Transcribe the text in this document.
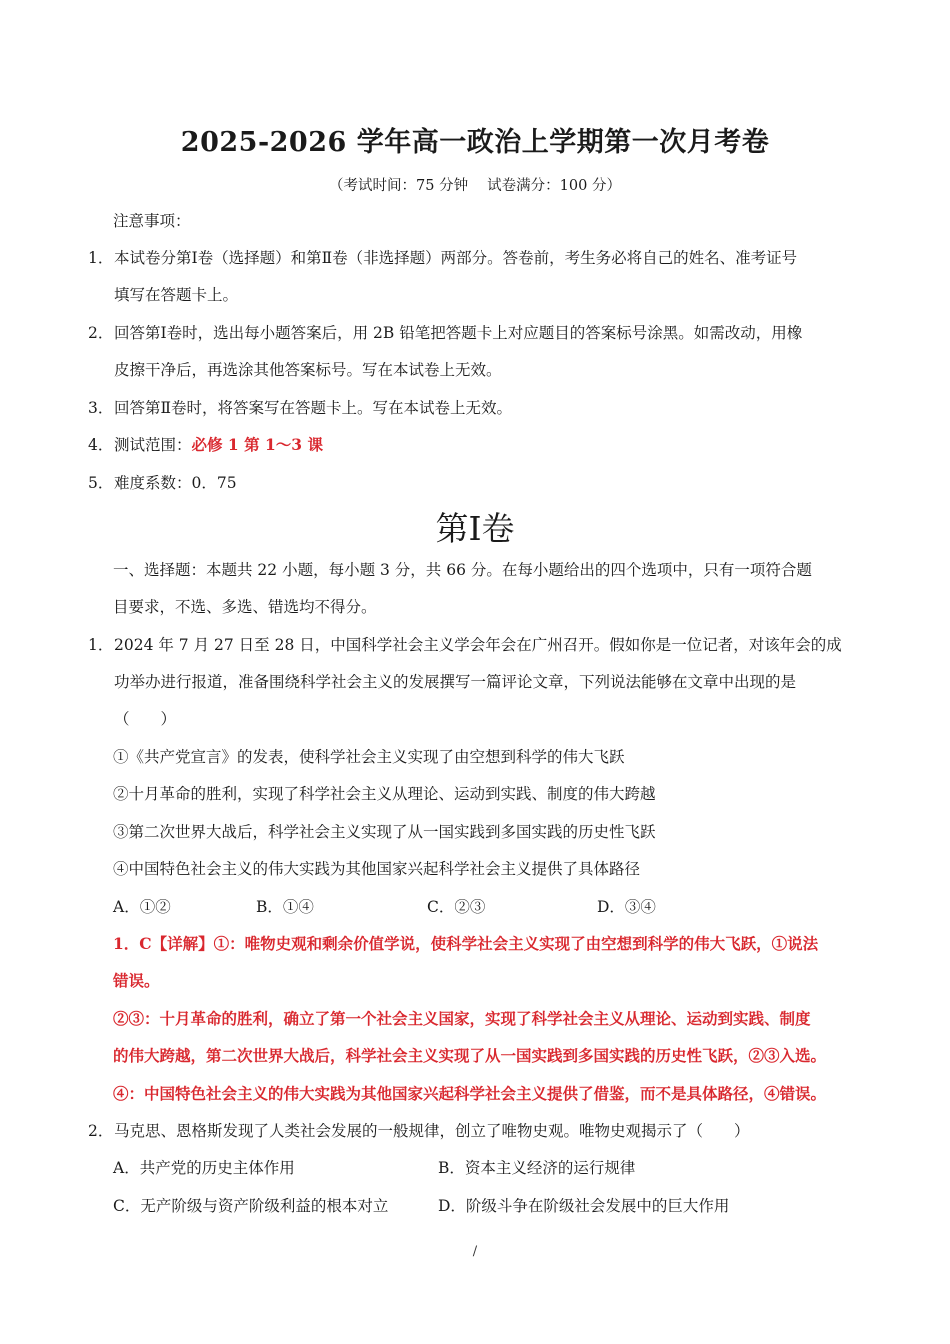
2025-2026 学年高一政治上学期第一次月考卷
（考试时间：75 分钟　 试卷满分：100 分）
注意事项：
1．本试卷分第Ⅰ卷（选择题）和第Ⅱ卷（非选择题）两部分。答卷前，考生务必将自己的姓名、准考证号
填写在答题卡上。
2．回答第Ⅰ卷时，选出每小题答案后，用 2B 铅笔把答题卡上对应题目的答案标号涂黑。如需改动，用橡
皮擦干净后，再选涂其他答案标号。写在本试卷上无效。
3．回答第Ⅱ卷时，将答案写在答题卡上。写在本试卷上无效。
4．测试范围：必修 1 第 1～3 课
5．难度系数：0．75
第Ⅰ卷
一、选择题：本题共 22 小题，每小题 3 分，共 66 分。在每小题给出的四个选项中，只有一项符合题
目要求，不选、多选、错选均不得分。
1．2024 年 7 月 27 日至 28 日，中国科学社会主义学会年会在广州召开。假如你是一位记者，对该年会的成
功举办进行报道，准备围绕科学社会主义的发展撰写一篇评论文章，下列说法能够在文章中出现的是
（　　）
①《共产党宣言》的发表，使科学社会主义实现了由空想到科学的伟大飞跃
②十月革命的胜利，实现了科学社会主义从理论、运动到实践、制度的伟大跨越
③第二次世界大战后，科学社会主义实现了从一国实践到多国实践的历史性飞跃
④中国特色社会主义的伟大实践为其他国家兴起科学社会主义提供了具体路径
A．①②	B．①④	C．②③	D．③④
1．C【详解】①：唯物史观和剩余价值学说，使科学社会主义实现了由空想到科学的伟大飞跃，①说法
错误。
②③：十月革命的胜利，确立了第一个社会主义国家，实现了科学社会主义从理论、运动到实践、制度
的伟大跨越，第二次世界大战后，科学社会主义实现了从一国实践到多国实践的历史性飞跃，②③入选。
④：中国特色社会主义的伟大实践为其他国家兴起科学社会主义提供了借鉴，而不是具体路径，④错误。
2．马克思、恩格斯发现了人类社会发展的一般规律，创立了唯物史观。唯物史观揭示了（　　）
A．共产党的历史主体作用	B．资本主义经济的运行规律
C．无产阶级与资产阶级利益的根本对立	D．阶级斗争在阶级社会发展中的巨大作用
/
